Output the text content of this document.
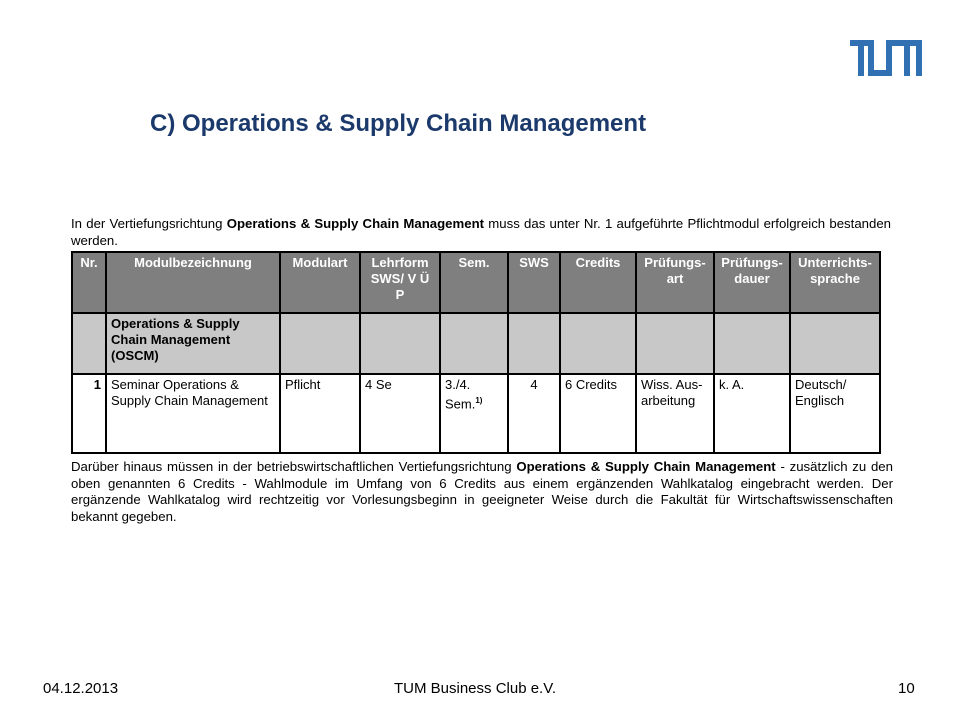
C) Operations & Supply Chain Management

In der Vertiefungsrichtung Operations & Supply Chain Management muss das unter Nr. 1 aufgeführte Pflichtmodul erfolgreich bestanden werden.

Nr.	Modulbezeichnung	Modulart	Lehrform SWS/ V Ü P	Sem.	SWS	Credits	Prüfungs-art	Prüfungs-dauer	Unterrichts-sprache
	Operations & Supply Chain Management (OSCM)								
1	Seminar Operations & Supply Chain Management	Pflicht	4 Se	3./4. Sem.$^{1)}$	4	6 Credits	Wiss. Aus-arbeitung	k. A.	Deutsch/ Englisch

Darüber hinaus müssen in der betriebswirtschaftlichen Vertiefungsrichtung Operations & Supply Chain Management - zusätzlich zu den oben genannten 6 Credits - Wahlmodule im Umfang von 6 Credits aus einem ergänzenden Wahlkatalog eingebracht werden. Der ergänzende Wahlkatalog wird rechtzeitig vor Vorlesungsbeginn in geeigneter Weise durch die Fakultät für Wirtschaftswissenschaften bekannt gegeben.

04.12.2013	TUM Business Club e.V.	10
